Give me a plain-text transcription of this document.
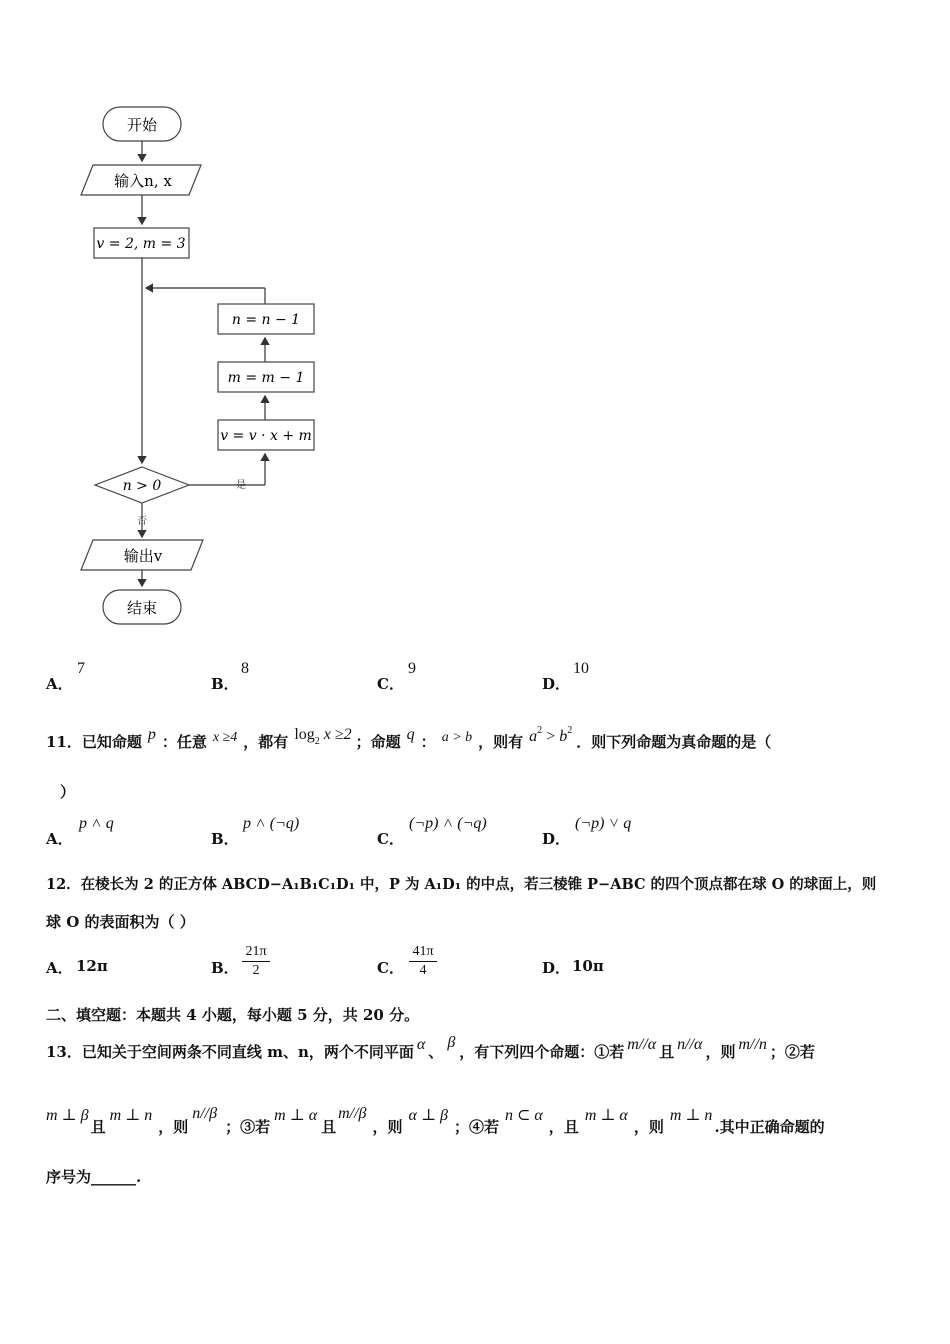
开始
输入n, x
v = 2, m = 3
n = n − 1
m = m − 1
v = v · x + m
n > 0	是
否
输出v
结束
A．
7
B．
8
C．
9
D．
10
11．已知命题 p ：任意 x ≥4 ，都有 $\log^2 x \ge 2$ ；命题 q ： a > b ，则有 $a^2 > b^2$．则下列命题为真命题的是（
）
A．
p ˄ q
B．
p ˄ (¬q)
C．
(¬p) ˄ (¬q)
D．
(¬p) ˅ q
12．在棱长为 2 的正方体 ABCD−A₁B₁C₁D₁ 中，P 为 A₁D₁ 的中点，若三棱锥 P−ABC 的四个顶点都在球 O 的球面上，则
球 O 的表面积为（ ）
A． 12π	B． $\frac{21\pi}{2}$	C． $\frac{41\pi}{4}$	D． 10π
二、填空题：本题共 4 小题，每小题 5 分，共 20 分。
13．已知关于空间两条不同直线 m、n，两个不同平面 α 、β，有下列四个命题：①若 m//α 且 n//α ，则 m//n ；②若
m ⊥ β且m ⊥ n，则n//β；③若m ⊥ α且m//β，则α ⊥ β；④若n ⊂ α，且m ⊥ α，则m ⊥ n.其中正确命题的
序号为______.
